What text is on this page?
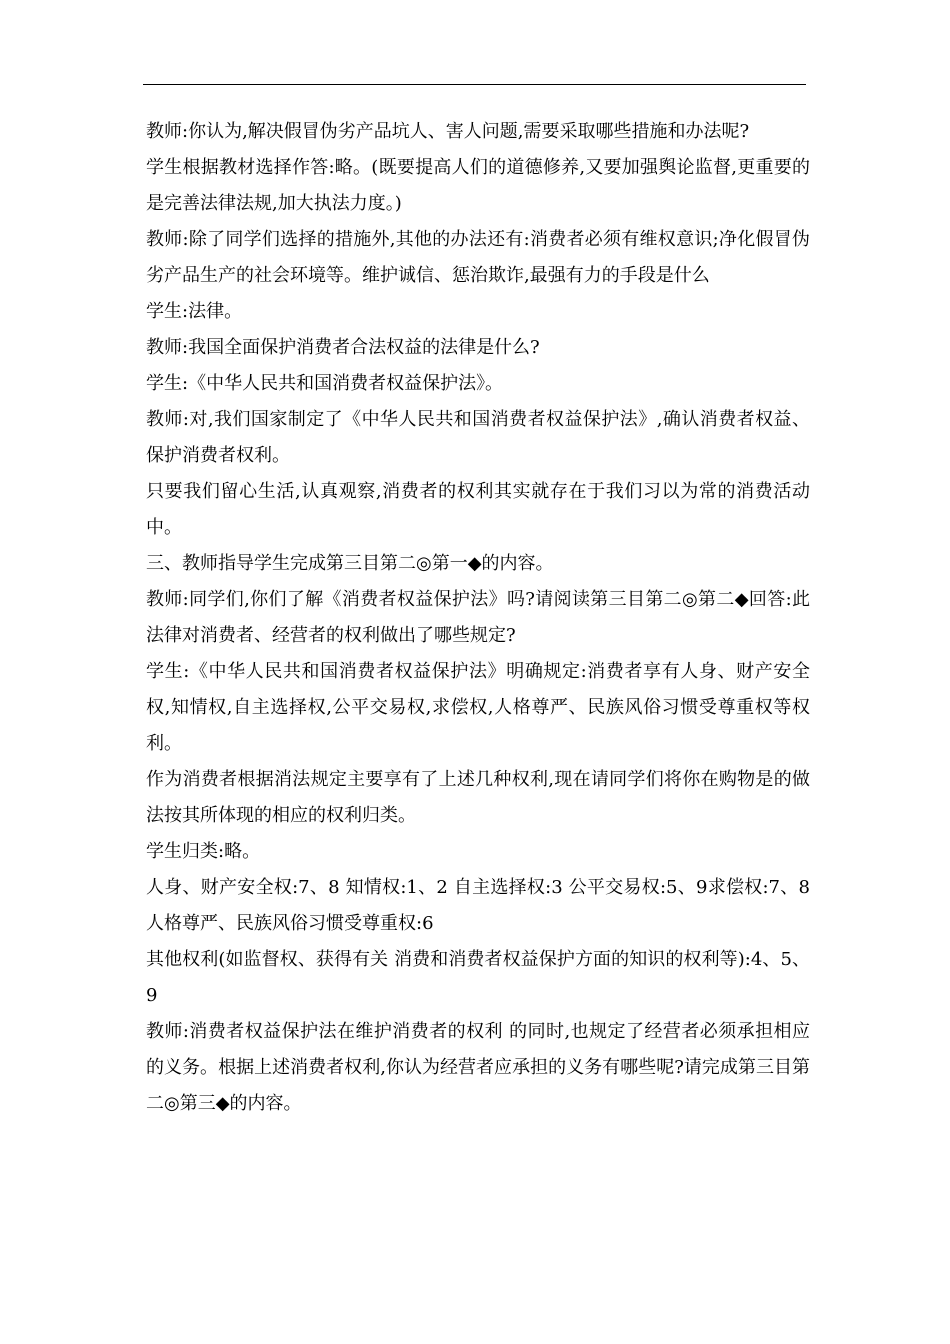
教师:你认为,解决假冒伪劣产品坑人、害人问题,需要采取哪些措施和办法呢?

学生根据教材选择作答:略。(既要提高人们的道德修养,又要加强舆论监督,更重要的是完善法律法规,加大执法力度。)

教师:除了同学们选择的措施外,其他的办法还有:消费者必须有维权意识;净化假冒伪劣产品生产的社会环境等。维护诚信、惩治欺诈,最强有力的手段是什么

学生:法律。

教师:我国全面保护消费者合法权益的法律是什么?

学生:《中华人民共和国消费者权益保护法》。

教师:对,我们国家制定了《中华人民共和国消费者权益保护法》,确认消费者权益、保护消费者权利。

只要我们留心生活,认真观察,消费者的权利其实就存在于我们习以为常的消费活动中。

三、教师指导学生完成第三目第二◎第一◆的内容。

教师:同学们,你们了解《消费者权益保护法》吗?请阅读第三目第二◎第二◆回答:此法律对消费者、经营者的权利做出了哪些规定?

学生:《中华人民共和国消费者权益保护法》明确规定:消费者享有人身、财产安全权,知情权,自主选择权,公平交易权,求偿权,人格尊严、民族风俗习惯受尊重权等权利。

作为消费者根据消法规定主要享有了上述几种权利,现在请同学们将你在购物是的做法按其所体现的相应的权利归类。

学生归类:略。

人身、财产安全权:7、8 知情权:1、2 自主选择权:3 公平交易权:5、9求偿权:7、8人格尊严、民族风俗习惯受尊重权:6

其他权利(如监督权、获得有关 消费和消费者权益保护方面的知识的权利等):4、5、9

教师:消费者权益保护法在维护消费者的权利 的同时,也规定了经营者必须承担相应的义务。根据上述消费者权利,你认为经营者应承担的义务有哪些呢?请完成第三目第二◎第三◆的内容。
